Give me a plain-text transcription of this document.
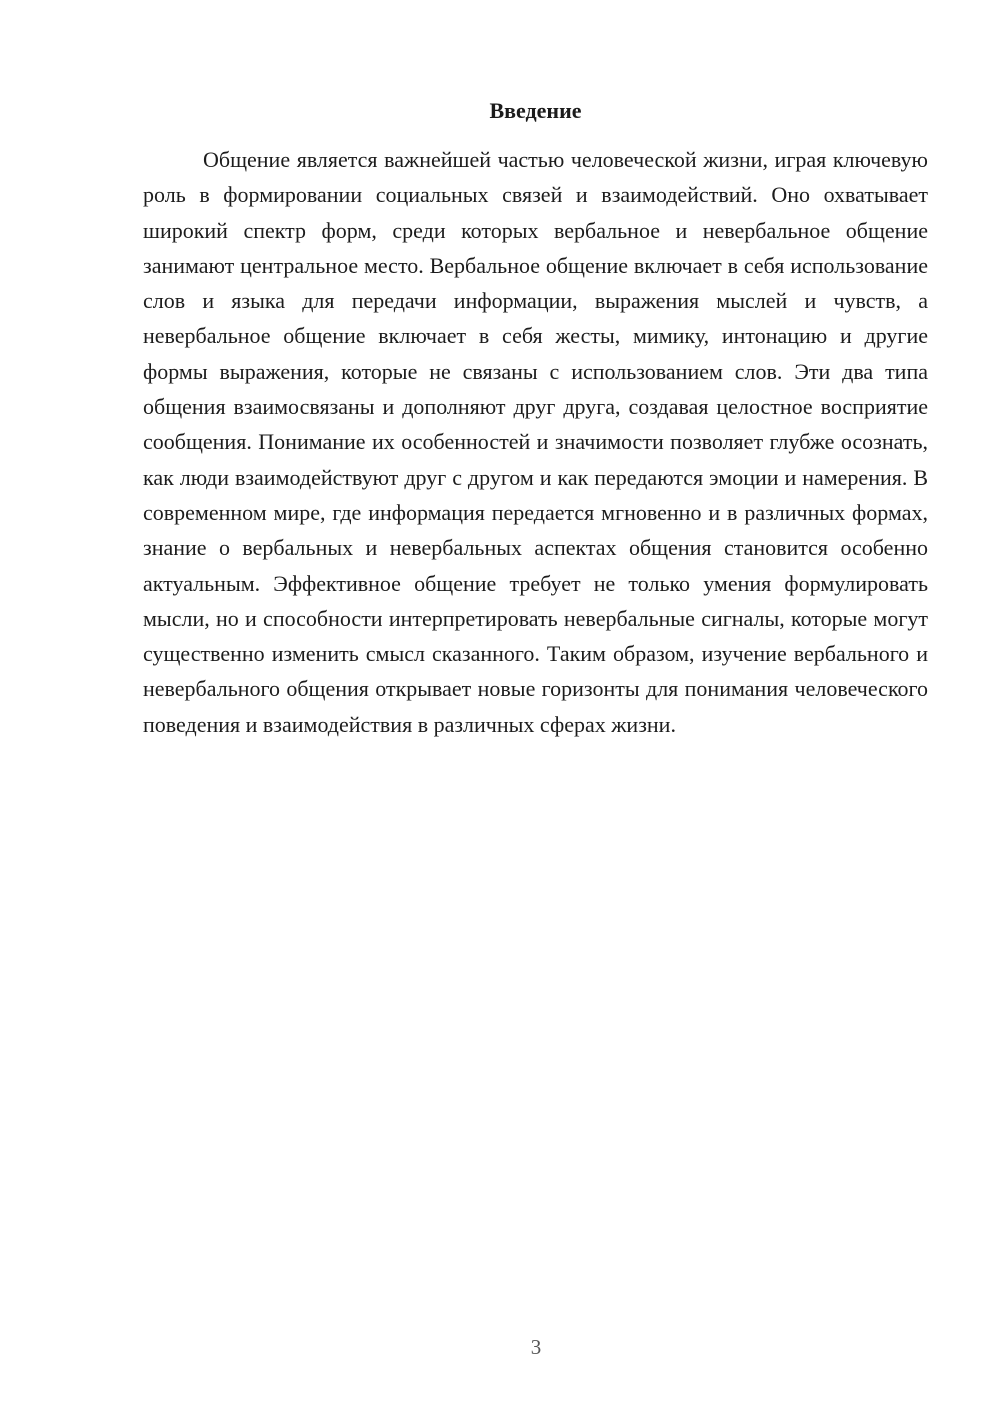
Введение

Общение является важнейшей частью человеческой жизни, играя ключевую роль в формировании социальных связей и взаимодействий. Оно охватывает широкий спектр форм, среди которых вербальное и невербальное общение занимают центральное место. Вербальное общение включает в себя использование слов и языка для передачи информации, выражения мыслей и чувств, а невербальное общение включает в себя жесты, мимику, интонацию и другие формы выражения, которые не связаны с использованием слов. Эти два типа общения взаимосвязаны и дополняют друг друга, создавая целостное восприятие сообщения. Понимание их особенностей и значимости позволяет глубже осознать, как люди взаимодействуют друг с другом и как передаются эмоции и намерения. В современном мире, где информация передается мгновенно и в различных формах, знание о вербальных и невербальных аспектах общения становится особенно актуальным. Эффективное общение требует не только умения формулировать мысли, но и способности интерпретировать невербальные сигналы, которые могут существенно изменить смысл сказанного. Таким образом, изучение вербального и невербального общения открывает новые горизонты для понимания человеческого поведения и взаимодействия в различных сферах жизни.

3
